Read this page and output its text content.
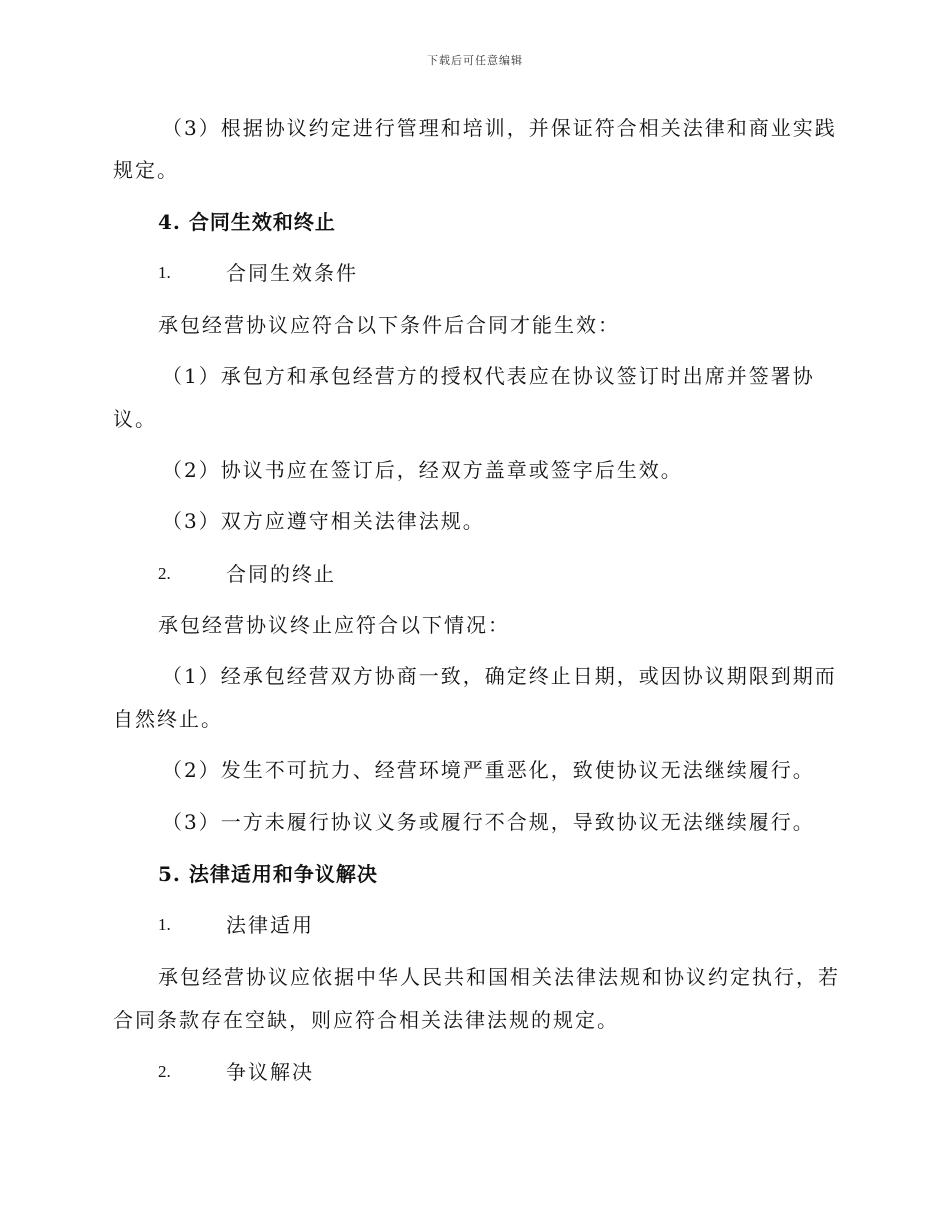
下载后可任意编辑
（3）根据协议约定进行管理和培训，并保证符合相关法律和商业实践
规定。
4. 合同生效和终止
1.	合同生效条件
承包经营协议应符合以下条件后合同才能生效：
（1）承包方和承包经营方的授权代表应在协议签订时出席并签署协
议。
（2）协议书应在签订后，经双方盖章或签字后生效。
（3）双方应遵守相关法律法规。
2.	合同的终止
承包经营协议终止应符合以下情况：
（1）经承包经营双方协商一致，确定终止日期，或因协议期限到期而
自然终止。
（2）发生不可抗力、经营环境严重恶化，致使协议无法继续履行。
（3）一方未履行协议义务或履行不合规，导致协议无法继续履行。
5. 法律适用和争议解决
1.	法律适用
承包经营协议应依据中华人民共和国相关法律法规和协议约定执行，若
合同条款存在空缺，则应符合相关法律法规的规定。
2.	争议解决
